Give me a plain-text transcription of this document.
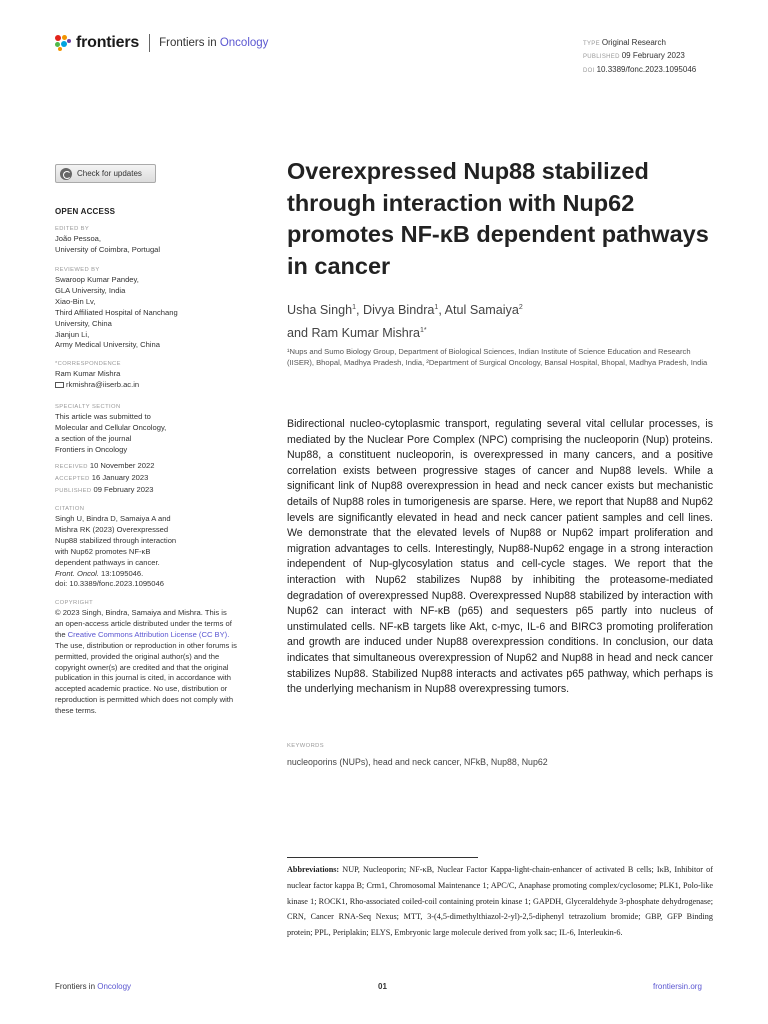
frontiers Frontiers in Oncology	TYPE Original Research
PUBLISHED 09 February 2023
DOI 10.3389/fonc.2023.1095046
Check for updates
OPEN ACCESS
EDITED BY
João Pessoa,
University of Coimbra, Portugal
REVIEWED BY
Swaroop Kumar Pandey,
GLA University, India
Xiao-Bin Lv,
Third Affiliated Hospital of Nanchang
University, China
Jianjun Li,
Army Medical University, China
*CORRESPONDENCE
Ram Kumar Mishra
rkmishra@iiserb.ac.in
SPECIALTY SECTION
This article was submitted to
Molecular and Cellular Oncology,
a section of the journal
Frontiers in Oncology
RECEIVED 10 November 2022
ACCEPTED 16 January 2023
PUBLISHED 09 February 2023
CITATION
Singh U, Bindra D, Samaiya A and
Mishra RK (2023) Overexpressed
Nup88 stabilized through interaction
with Nup62 promotes NF-κB
dependent pathways in cancer.
Front. Oncol. 13:1095046.
doi: 10.3389/fonc.2023.1095046
COPYRIGHT
© 2023 Singh, Bindra, Samaiya and Mishra. This is an open-access article distributed under the terms of the Creative Commons Attribution License (CC BY). The use, distribution or reproduction in other forums is permitted, provided the original author(s) and the copyright owner(s) are credited and that the original publication in this journal is cited, in accordance with accepted academic practice. No use, distribution or reproduction is permitted which does not comply with these terms.
Overexpressed Nup88 stabilized through interaction with Nup62 promotes NF-κB dependent pathways in cancer
Usha Singh$^1$, Divya Bindra$^1$, Atul Samaiya$^2$
and Ram Kumar Mishra$^{1*}$
¹Nups and Sumo Biology Group, Department of Biological Sciences, Indian Institute of Science Education and Research (IISER), Bhopal, Madhya Pradesh, India, ²Department of Surgical Oncology, Bansal Hospital, Bhopal, Madhya Pradesh, India

Bidirectional nucleo-cytoplasmic transport, regulating several vital cellular processes, is mediated by the Nuclear Pore Complex (NPC) comprising the nucleoporin (Nup) proteins. Nup88, a constituent nucleoporin, is overexpressed in many cancers, and a positive correlation exists between progressive stages of cancer and Nup88 levels. While a significant link of Nup88 overexpression in head and neck cancer exists but mechanistic details of Nup88 roles in tumorigenesis are sparse. Here, we report that Nup88 and Nup62 levels are significantly elevated in head and neck cancer patient samples and cell lines. We demonstrate that the elevated levels of Nup88 or Nup62 impart proliferation and migration advantages to cells. Interestingly, Nup88-Nup62 engage in a strong interaction independent of Nup-glycosylation status and cell-cycle stages. We report that the interaction with Nup62 stabilizes Nup88 by inhibiting the proteasome-mediated degradation of overexpressed Nup88. Overexpressed Nup88 stabilized by interaction with Nup62 can interact with NF-κB (p65) and sequesters p65 partly into nucleus of unstimulated cells. NF-κB targets like Akt, c-myc, IL-6 and BIRC3 promoting proliferation and growth are induced under Nup88 overexpression conditions. In conclusion, our data indicates that simultaneous overexpression of Nup62 and Nup88 in head and neck cancer stabilizes Nup88. Stabilized Nup88 interacts and activates p65 pathway, which perhaps is the underlying mechanism in Nup88 overexpressing tumors.

KEYWORDS
nucleoporins (NUPs), head and neck cancer, NFkB, Nup88, Nup62

Abbreviations: NUP, Nucleoporin; NF-κB, Nuclear Factor Kappa-light-chain-enhancer of activated B cells; IκB, Inhibitor of nuclear factor kappa B; Crm1, Chromosomal Maintenance 1; APC/C, Anaphase promoting complex/cyclosome; PLK1, Polo-like kinase 1; ROCK1, Rho-associated coiled-coil containing protein kinase 1; GAPDH, Glyceraldehyde 3-phosphate dehydrogenase; CRN, Cancer RNA-Seq Nexus; MTT, 3-(4,5-dimethylthiazol-2-yl)-2,5-diphenyl tetrazolium bromide; GBP, GFP Binding protein; PPL, Periplakin; ELYS, Embryonic large molecule derived from yolk sac; IL-6, Interleukin-6.

Frontiers in Oncology	01	frontiersin.org
